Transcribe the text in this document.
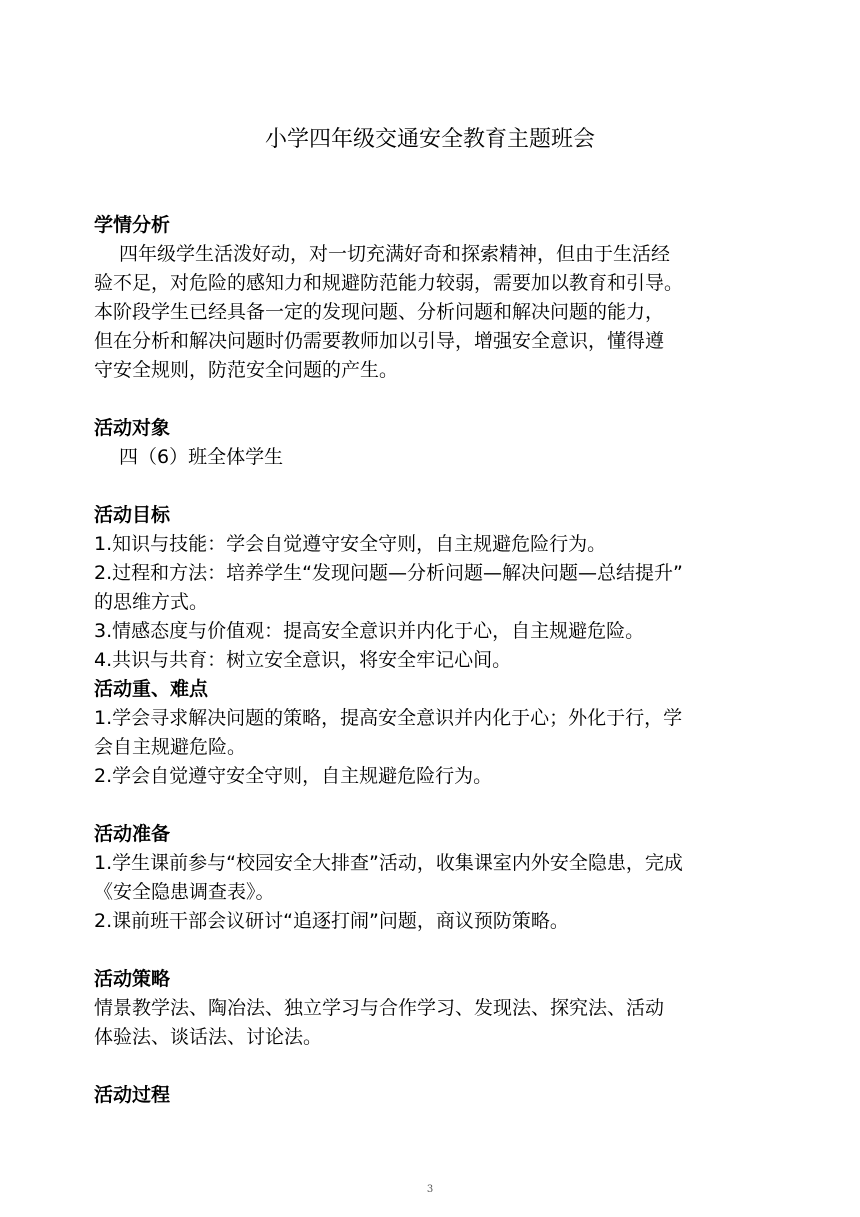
小学四年级交通安全教育主题班会
学情分析
四年级学生活泼好动，对一切充满好奇和探索精神，但由于生活经
验不足，对危险的感知力和规避防范能力较弱，需要加以教育和引导。
本阶段学生已经具备一定的发现问题、分析问题和解决问题的能力，
但在分析和解决问题时仍需要教师加以引导，增强安全意识，懂得遵
守安全规则，防范安全问题的产生。
活动对象
四（6）班全体学生
活动目标
1.知识与技能：学会自觉遵守安全守则，自主规避危险行为。
2.过程和方法：培养学生“发现问题—分析问题—解决问题—总结提升”
的思维方式。
3.情感态度与价值观：提高安全意识并内化于心，自主规避危险。
4.共识与共育：树立安全意识，将安全牢记心间。
活动重、难点
1.学会寻求解决问题的策略，提高安全意识并内化于心；外化于行，学
会自主规避危险。
2.学会自觉遵守安全守则，自主规避危险行为。
活动准备
1.学生课前参与“校园安全大排查”活动，收集课室内外安全隐患，完成
《安全隐患调查表》。
2.课前班干部会议研讨“追逐打闹”问题，商议预防策略。
活动策略
情景教学法、陶冶法、独立学习与合作学习、发现法、探究法、活动
体验法、谈话法、讨论法。
活动过程
3
